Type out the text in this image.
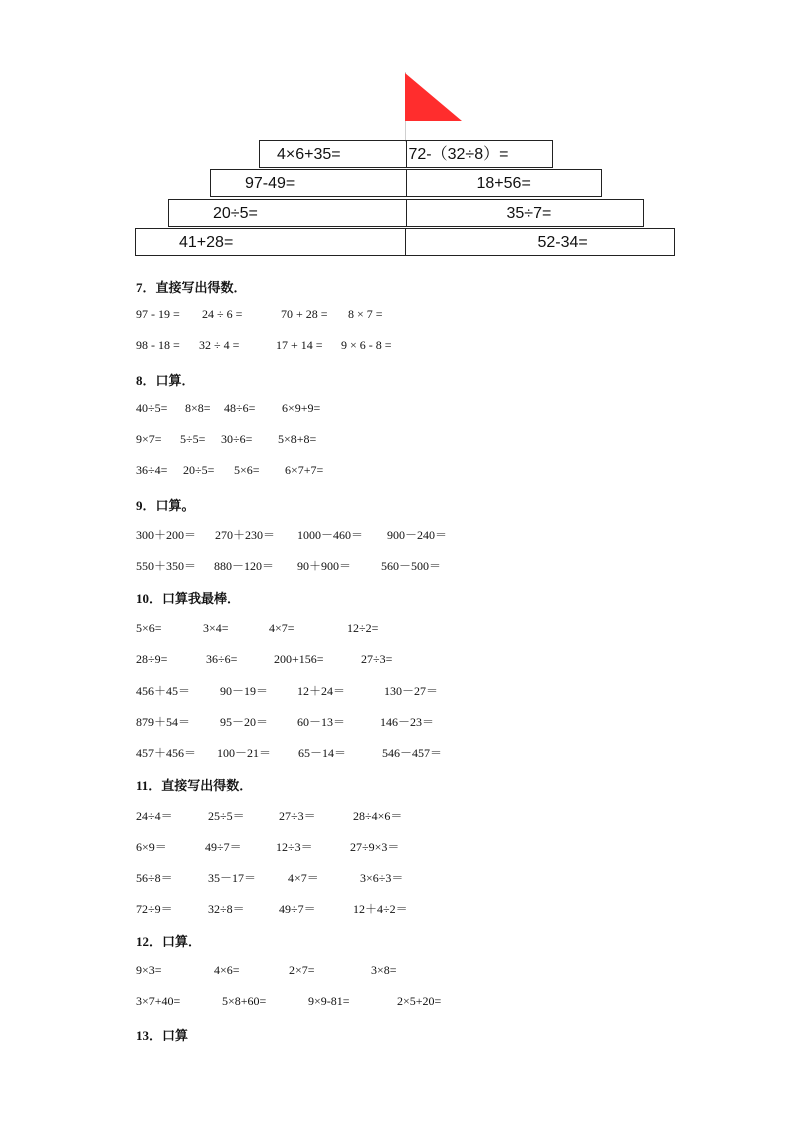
4×6+35=	72-（32÷8）=
97-49=	18+56=
20÷5=	35÷7=
41+28=	52-34=
7．直接写出得数．
97 - 19 = 24 ÷ 6 =	70 + 28 = 8 × 7 =
98 - 18 = 32 ÷ 4 =	17 + 14 = 9 × 6 - 8 =
8．口算．
40÷5= 8×8= 48÷6= 6×9+9=
9×7= 5÷5= 30÷6= 5×8+8=
36÷4= 20÷5= 5×6= 6×7+7=
9．口算。
300＋200＝ 270＋230＝ 1000－460＝ 900－240＝
550＋350＝ 880－120＝ 90＋900＝ 560－500＝
10．口算我最棒．
5×6=	3×4=	4×7=	12÷2=
28÷9=	36÷6=	200+156=	27÷3=
456＋45＝ 90－19＝ 12＋24＝	130－27＝
879＋54＝ 95－20＝ 60－13＝	146－23＝
457＋456＝ 100－21＝ 65－14＝	546－457＝
11．直接写出得数．
24÷4＝	25÷5＝	27÷3＝	28÷4×6＝
6×9＝	49÷7＝	12÷3＝	27÷9×3＝
56÷8＝	35－17＝	4×7＝	3×6÷3＝
72÷9＝	32÷8＝	49÷7＝	12＋4÷2＝
12．口算．
9×3=	4×6=	2×7=	3×8=
3×7+40=	5×8+60=	9×9-81=	2×5+20=
13．口算
